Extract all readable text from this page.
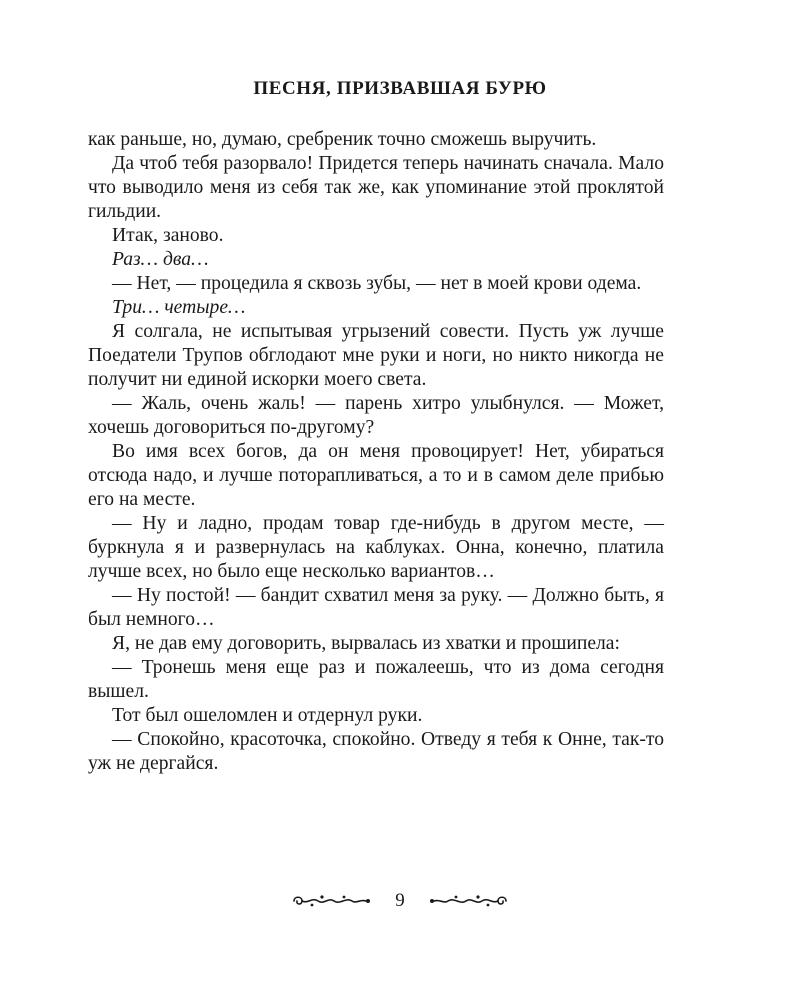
ПЕСНЯ, ПРИЗВАВШАЯ БУРЮ

как раньше, но, думаю, сребреник точно сможешь выручить.

Да чтоб тебя разорвало! Придется теперь начинать сначала. Мало что выводило меня из себя так же, как упоминание этой проклятой гильдии.

Итак, заново.

Раз… два…

— Нет, — процедила я сквозь зубы, — нет в моей крови одема.

Три… четыре…

Я солгала, не испытывая угрызений совести. Пусть уж лучше Поедатели Трупов обглодают мне руки и ноги, но никто никогда не получит ни единой искорки моего света.

— Жаль, очень жаль! — парень хитро улыбнулся. — Может, хочешь договориться по-другому?

Во имя всех богов, да он меня провоцирует! Нет, убираться отсюда надо, и лучше поторапливаться, а то и в самом деле прибью его на месте.

— Ну и ладно, продам товар где-нибудь в другом месте, — буркнула я и развернулась на каблуках. Онна, конечно, платила лучше всех, но было еще несколько вариантов…

— Ну постой! — бандит схватил меня за руку. — Должно быть, я был немного…

Я, не дав ему договорить, вырвалась из хватки и прошипела:

— Тронешь меня еще раз и пожалеешь, что из дома сегодня вышел.

Тот был ошеломлен и отдернул руки.

— Спокойно, красоточка, спокойно. Отведу я тебя к Онне, так-то уж не дергайся.

9
